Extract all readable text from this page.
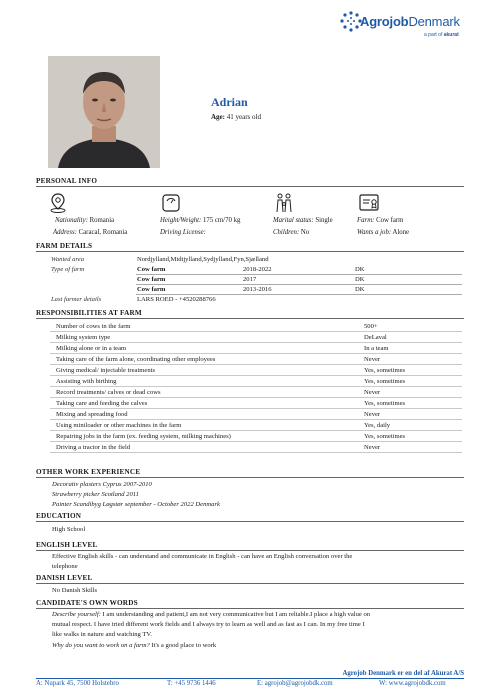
AgrojobDenmark
a part of akurat
Adrian
Age: 41 years old
PERSONAL INFO
Nationality: Romania
Address: Caracal, Romania
Height/Weight: 175 cm/70 kg
Driving License:
Marital status: Single
Children: No
Farm: Cow farm
Wants a job: Alone
FARM DETAILS
Wanted area	Nordjylland,Midtjylland,Sydjylland,Fyn,Sjælland
Type of farm	Cow farm	2018-2022	DK
Cow farm	2017	DK
Cow farm	2013-2016	DK
Last farmer details	LARS ROED - +4520288766
RESPONSIBILITIES AT FARM
Number of cows in the farm	500+
Milking system type	DeLaval
Milking alone or in a team	In a team
Taking care of the farm alone, coordinating other employees	Never
Giving medical/ injectable treatments	Yes, sometimes
Assisting with birthing	Yes, sometimes
Record treatments/ calves or dead cows	Never
Taking care and feeding the calves	Yes, sometimes
Mixing and spreading food	Never
Using miniloader or other machines in the farm	Yes, daily
Repairing jobs in the farm (ex. feeding system, milking machines)	Yes, sometimes
Driving a tractor in the field	Never
OTHER WORK EXPERIENCE
Decorativ plasters Cyprus 2007-2010
Strawberry picker Scotland 2011
Painter Scandibyg Løgstør september - October 2022 Denmark
EDUCATION
High School
ENGLISH LEVEL
Effective English skills - can understand and communicate in English - can have an English conversation over the
telephone
DANISH LEVEL
No Danish Skills
CANDIDATE'S OWN WORDS
Describe yourself: I am understanding and patient,I am not very communicative but I am reliable.I place a high value on
mutual respect. I have tried different work fields and I always try to learn as well and as fast as I can. In my free time I
like walks in nature and watching TV.
Why do you want to work on a farm? It's a good place to work
Agrojob Denmark er en del af Akurat A/S
A: Nupark 45, 7500 Holstebro	T: +45 9736 1446	E: agrojob@agrojobdk.com	W: www.agrojobdk.com
